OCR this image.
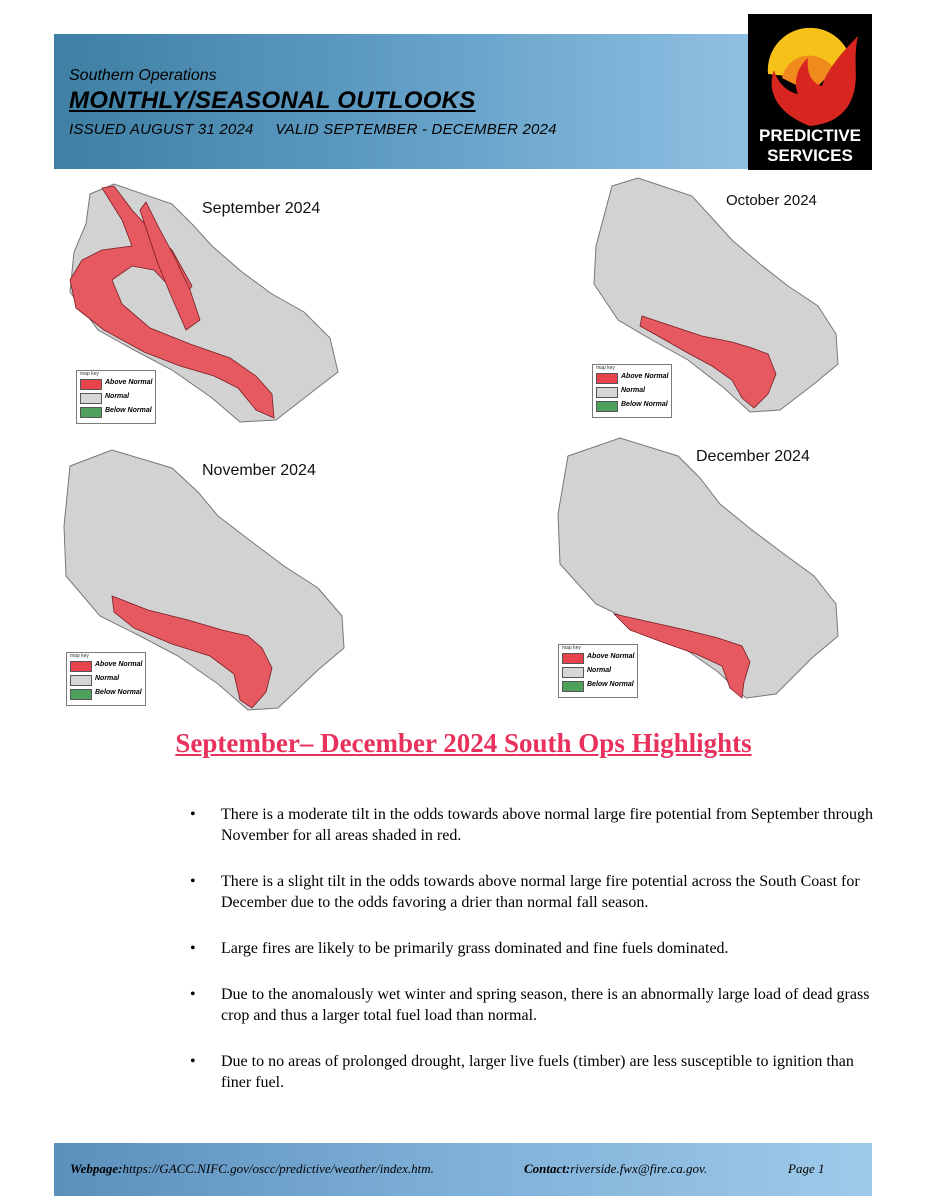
Southern Operations
MONTHLY/SEASONAL OUTLOOKS
ISSUED AUGUST 31 2024     VALID SEPTEMBER - DECEMBER 2024	PREDICTIVE
SERVICES
September 2024
map key
Above Normal
Normal
Below Normal
October 2024
map key
Above Normal
Normal
Below Normal
November 2024
map key
Above Normal
Normal
Below Normal
December 2024
map key
Above Normal
Normal
Below Normal
September– December 2024 South Ops Highlights
• There is a moderate tilt in the odds towards above normal large fire potential from September through November for all areas shaded in red.
• There is a slight tilt in the odds towards above normal large fire potential across the South Coast for December due to the odds favoring a drier than normal fall season.
• Large fires are likely to be primarily grass dominated and fine fuels dominated.
• Due to the anomalously wet winter and spring season, there is an abnormally large load of dead grass crop and thus a larger total fuel load than normal.
• Due to no areas of prolonged drought, larger live fuels (timber) are less susceptible to ignition than finer fuel.
Webpage:https://GACC.NIFC.gov/oscc/predictive/weather/index.htm.	Contact:riverside.fwx@fire.ca.gov.	Page 1
